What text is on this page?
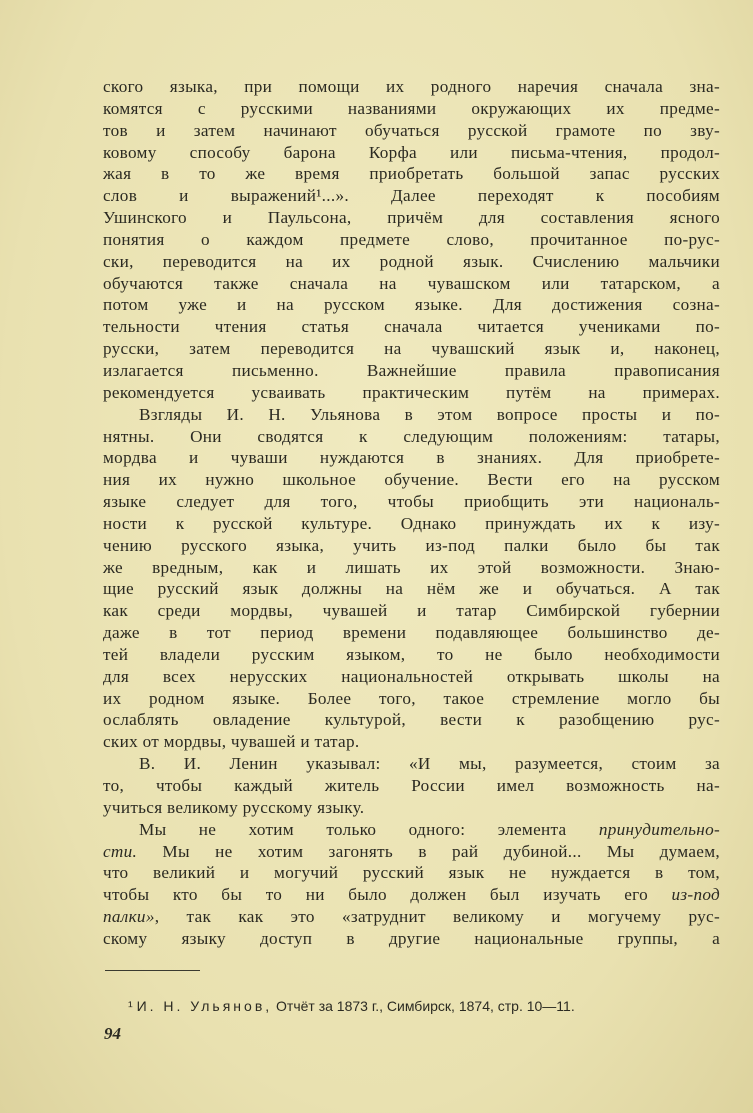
ского языка, при помощи их родного наречия сначала зна-
комятся с русскими названиями окружающих их предме-
тов и затем начинают обучаться русской грамоте по зву-
ковому способу барона Корфа или письма-чтения, продол-
жая в то же время приобретать большой запас русских
слов и выражений¹...». Далее переходят к пособиям
Ушинского и Паульсона, причём для составления ясного
понятия о каждом предмете слово, прочитанное по-рус-
ски, переводится на их родной язык. Счислению мальчики
обучаются также сначала на чувашском или татарском, а
потом уже и на русском языке. Для достижения созна-
тельности чтения статья сначала читается учениками по-
русски, затем переводится на чувашский язык и, наконец,
излагается письменно. Важнейшие правила правописания
рекомендуется усваивать практическим путём на примерах.
Взгляды И. Н. Ульянова в этом вопросе просты и по-
нятны. Они сводятся к следующим положениям: татары,
мордва и чуваши нуждаются в знаниях. Для приобрете-
ния их нужно школьное обучение. Вести его на русском
языке следует для того, чтобы приобщить эти националь-
ности к русской культуре. Однако принуждать их к изу-
чению русского языка, учить из-под палки было бы так
же вредным, как и лишать их этой возможности. Знаю-
щие русский язык должны на нём же и обучаться. А так
как среди мордвы, чувашей и татар Симбирской губернии
даже в тот период времени подавляющее большинство де-
тей владели русским языком, то не было необходимости
для всех нерусских национальностей открывать школы на
их родном языке. Более того, такое стремление могло бы
ослаблять овладение культурой, вести к разобщению рус-
ских от мордвы, чувашей и татар.
В. И. Ленин указывал: «И мы, разумеется, стоим за
то, чтобы каждый житель России имел возможность на-
учиться великому русскому языку.
Мы не хотим только одного: элемента принудительно-
сти. Мы не хотим загонять в рай дубиной... Мы думаем,
что великий и могучий русский язык не нуждается в том,
чтобы кто бы то ни было должен был изучать его из-под
палки», так как это «затруднит великому и могучему рус-
скому языку доступ в другие национальные группы, а
¹ И. Н. Ульянов, Отчёт за 1873 г., Симбирск, 1874, стр. 10—11.
94
